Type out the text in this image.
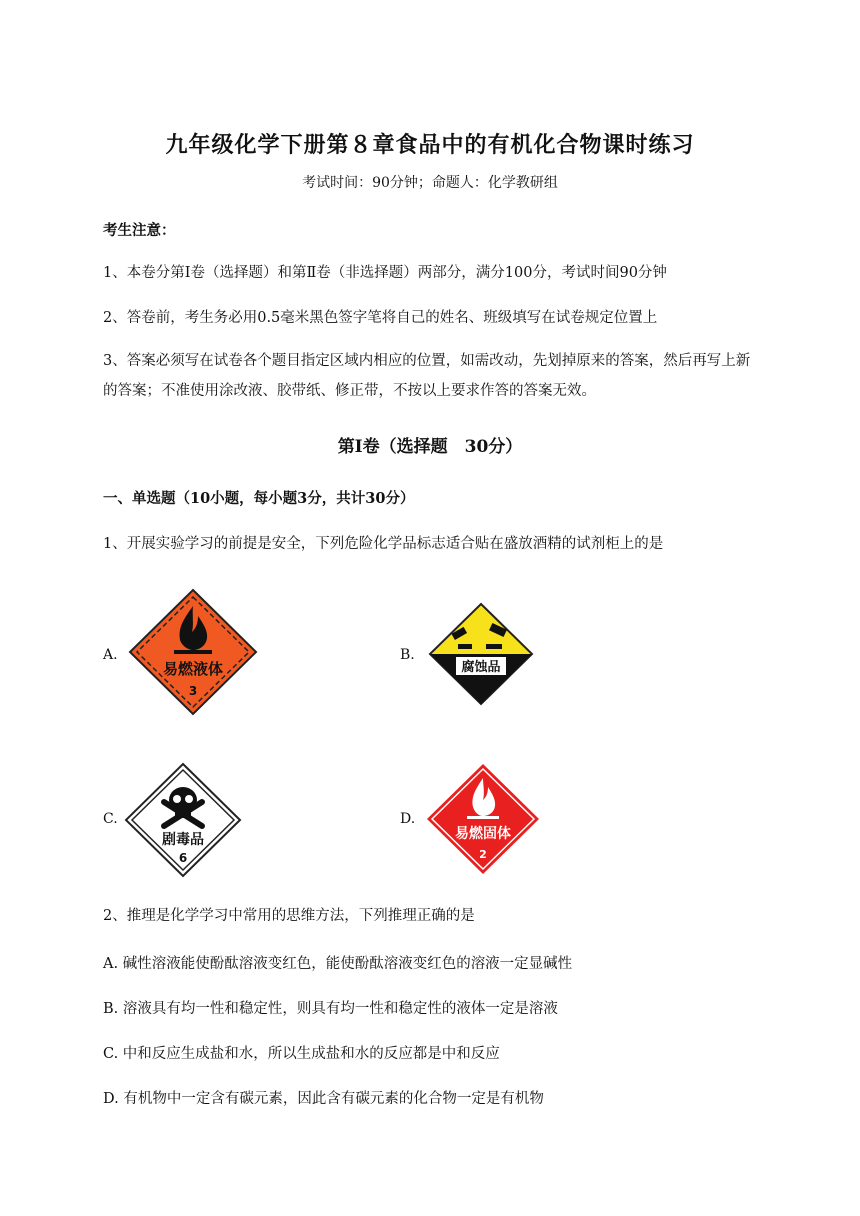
九年级化学下册第８章食品中的有机化合物课时练习
考试时间：90分钟；命题人：化学教研组
考生注意：
1、本卷分第Ⅰ卷（选择题）和第Ⅱ卷（非选择题）两部分，满分100分，考试时间90分钟
2、答卷前，考生务必用0.5毫米黑色签字笔将自己的姓名、班级填写在试卷规定位置上
3、答案必须写在试卷各个题目指定区域内相应的位置，如需改动，先划掉原来的答案，然后再写上新的答案；不准使用涂改液、胶带纸、修正带，不按以上要求作答的答案无效。
第Ⅰ卷（选择题　30分）
一、单选题（10小题，每小题3分，共计30分）
1、开展实验学习的前提是安全，下列危险化学品标志适合贴在盛放酒精的试剂柜上的是
A.
易燃液体
3
B.
腐蚀品
C.
剧毒品
6
D.
易燃固体
2
2、推理是化学学习中常用的思维方法，下列推理正确的是
A. 碱性溶液能使酚酞溶液变红色，能使酚酞溶液变红色的溶液一定显碱性
B. 溶液具有均一性和稳定性，则具有均一性和稳定性的液体一定是溶液
C. 中和反应生成盐和水，所以生成盐和水的反应都是中和反应
D. 有机物中一定含有碳元素，因此含有碳元素的化合物一定是有机物
